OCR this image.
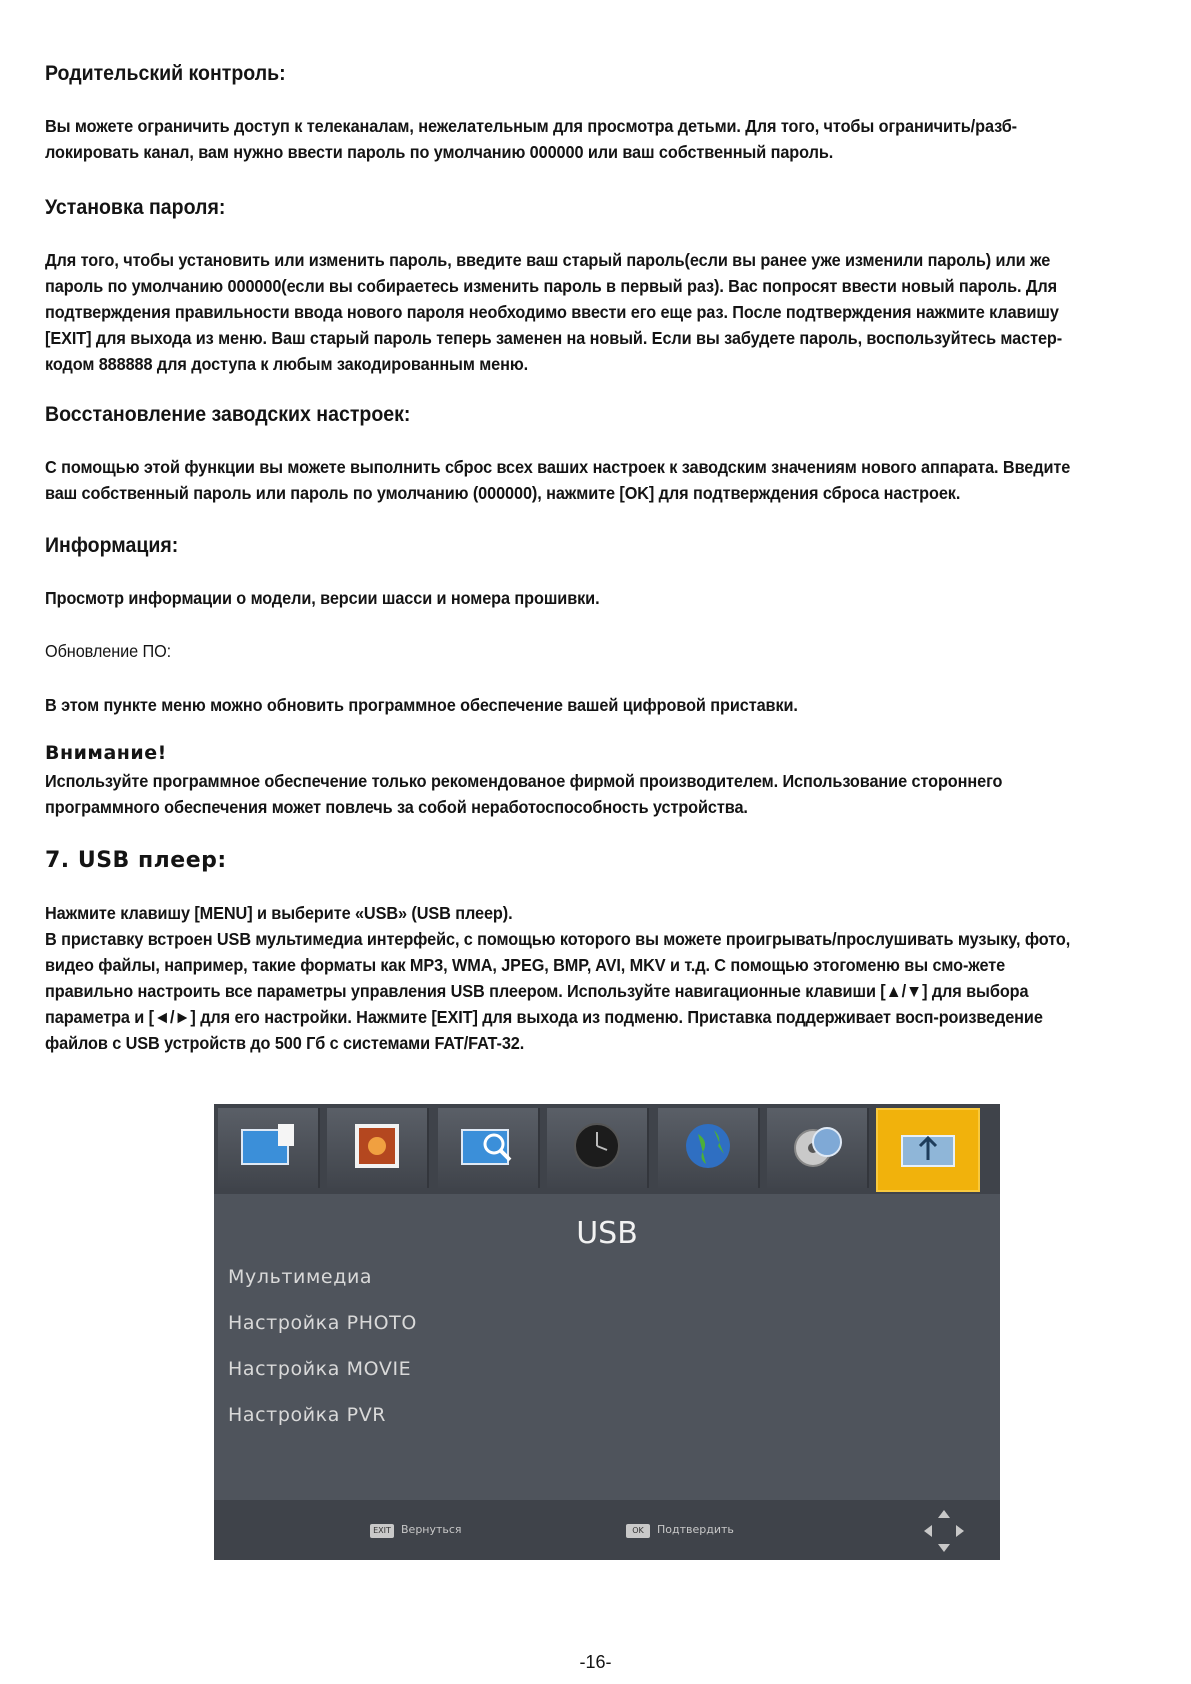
Родительский контроль:
Вы можете ограничить доступ к телеканалам, нежелательным для просмотра детьми. Для того, чтобы ограничить/разб-локировать канал, вам нужно ввести пароль по умолчанию 000000 или ваш собственный пароль.
Установка пароля:
Для того, чтобы установить или изменить пароль, введите ваш старый пароль(если вы ранее уже изменили пароль) или же пароль по умолчанию 000000(если вы собираетесь изменить пароль в первый раз). Вас попросят ввести новый пароль. Для подтверждения правильности ввода нового пароля необходимо ввести его еще раз. После подтверждения нажмите клавишу [EXIT] для выхода из меню. Ваш старый пароль теперь заменен на новый. Если вы забудете пароль, воспользуйтесь мастер-кодом 888888 для доступа к любым закодированным меню.
Восстановление заводских настроек:
С помощью этой функции вы можете выполнить сброс всех ваших настроек к заводским значениям нового аппарата. Введите ваш собственный пароль или пароль по умолчанию (000000), нажмите [OK] для подтверждения сброса настроек.
Информация:
Просмотр информации о модели, версии шасси и номера прошивки.
Обновление ПО:
В этом пункте меню можно обновить программное обеспечение вашей цифровой приставки.
Внимание!
Используйте программное обеспечение только рекомендованое фирмой производителем. Использование стороннего программного обеспечения может повлечь за собой неработоспособность устройства.
7. USB плеер:
Нажмите клавишу [MENU] и выберите «USB» (USB плеер).
В приставку встроен USB мультимедиа интерфейс, с помощью которого вы можете проигрывать/прослушивать музыку, фото, видео файлы, например, такие форматы как MP3, WMA, JPEG, BMP, AVI, MKV и т.д. С помощью этогоменю вы смо-жете правильно настроить все параметры управления USB плеером. Используйте навигационные клавиши [▲/▼] для выбора параметра и [◄/►] для его настройки. Нажмите [EXIT] для выхода из подменю. Приставка поддерживает восп-роизведение файлов с USB устройств до 500 Гб с системами FAT/FAT-32.
USB
Мультимедиа
Настройка PHOTO
Настройка MOVIE
Настройка PVR
EXIT Вернуться	OK	Подтвердить
-16-
